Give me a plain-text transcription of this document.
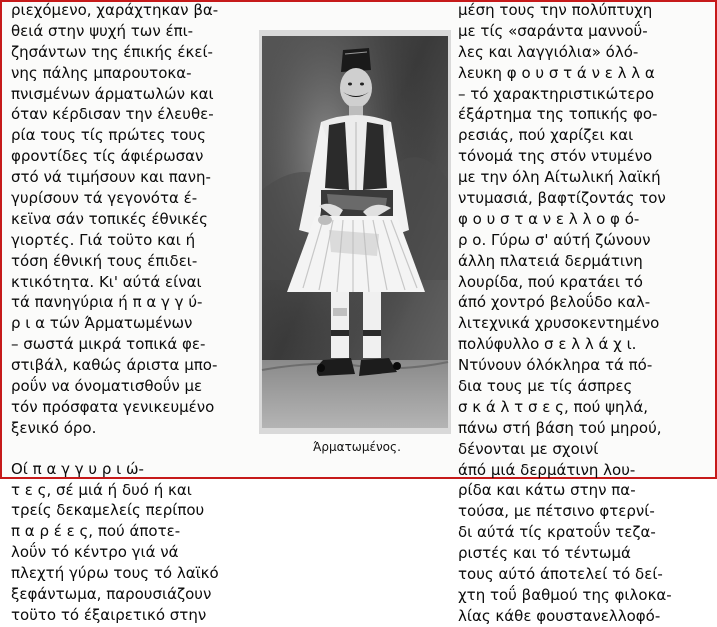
ριεχόμενο, χαράχτηκαν βα-
θειά στην ψυχή των έπι-
ζησάντων της έπικής έκεί-
νης πάλης μπαρουτοκα-
πνισμένων άρματωλών και
όταν κέρδισαν την έλευθε-
ρία τους τίς πρώτες τους
φροντίδες τίς άφιέρωσαν
στό νά τιμήσουν και πανη-
γυρίσουν τά γεγονότα έ-
κεϊνα σάν τοπικές έθνικές
γιορτές. Γιά τοϋτο και ή
τόση έθνική τους έπιδει-
κτικότητα. Κι' αύτά είναι
τά πανηγύρια ή π α γ γ ύ-
ρ ι α τών Άρματωμένων
– σωστά μικρά τοπικά φε-
στιβάλ, καθώς άριστα μπο-
ροΰν να όνοματισθοΰν με
τόν πρόσφατα γενικευμένο
ξενικό όρο.
Οί π α γ γ υ ρ ι ώ-
τ ε ς, σέ μιά ή δυό ή και
τρείς δεκαμελείς περίπου
π α ρ έ ε ς, πού άποτε-
λοΰν τό κέντρο γιά νά
πλεχτή γύρω τους τό λαϊκό
ξεφάντωμα, παρουσιάζουν
τοϋτο τό έξαιρετικό στην
Άρματωμένος.
μέση τους την πολύπτυχη
με τίς «σαράντα μαννοΰ-
λες και λαγγιόλια» όλό-
λευκη φ ο υ σ τ ά ν ε λ λ α
– τό χαρακτηριστικώτερο
έξάρτημα της τοπικής φο-
ρεσιάς, πού χαρίζει και
τόνομά της στόν ντυμένο
με την όλη Αίτωλική λαϊκή
ντυμασιά, βαφτίζοντάς τον
φ ο υ σ τ α ν ε λ λ ο φ ό-
ρ ο. Γύρω σ' αύτή ζώνουν
άλλη πλατειά δερμάτινη
λουρίδα, πού κρατάει τό
άπό χοντρό βελοΰδο καλ-
λιτεχνικά χρυσοκεντημένο
πολύφυλλο σ ε λ λ ά χ ι.
Ντύνουν όλόκληρα τά πό-
δια τους με τίς άσπρες
σ κ ά λ τ σ ε ς, πού ψηλά,
πάνω στή βάση τού μηρού,
δένονται με σχοινί
άπό μιά δερμάτινη λου-
ρίδα και κάτω στην πα-
τούσα, με πέτσινο φτερνί-
δι αύτά τίς κρατοΰν τεζα-
ριστές και τό τέντωμά
τους αύτό άποτελεί τό δεί-
χτη τοΰ βαθμού της φιλοκα-
λίας κάθε φουστανελλοφό-
